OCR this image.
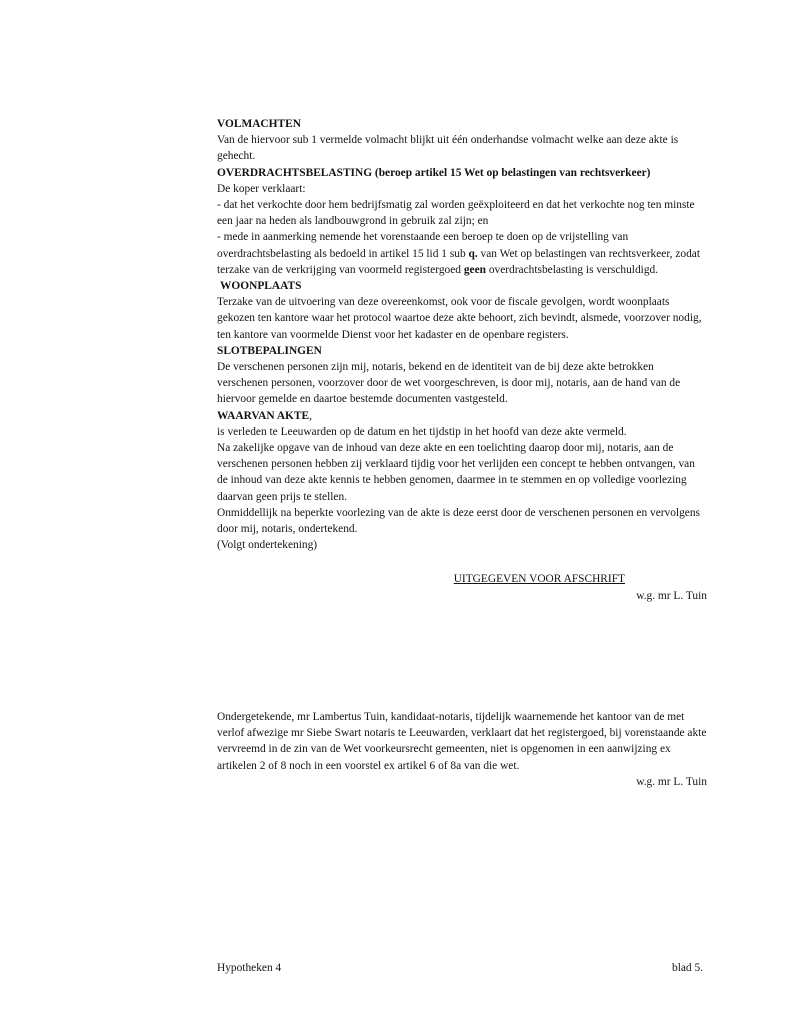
VOLMACHTEN

Van de hiervoor sub 1 vermelde volmacht blijkt uit één onderhandse volmacht welke aan deze akte is gehecht.

OVERDRACHTSBELASTING (beroep artikel 15 Wet op belastingen van rechtsverkeer)

De koper verklaart:

- dat het verkochte door hem bedrijfsmatig zal worden geëxploiteerd en dat het verkochte nog ten minste een jaar na heden als landbouwgrond in gebruik zal zijn; en

- mede in aanmerking nemende het vorenstaande een beroep te doen op de vrijstelling van overdrachtsbelasting als bedoeld in artikel 15 lid 1 sub q. van Wet op belastingen van rechtsverkeer, zodat terzake van de verkrijging van voormeld registergoed geen overdrachtsbelasting is verschuldigd.

WOONPLAATS

Terzake van de uitvoering van deze overeenkomst, ook voor de fiscale gevolgen, wordt woonplaats gekozen ten kantore waar het protocol waartoe deze akte behoort, zich bevindt, alsmede, voorzover nodig, ten kantore van voormelde Dienst voor het kadaster en de openbare registers.

SLOTBEPALINGEN

De verschenen personen zijn mij, notaris, bekend en de identiteit van de bij deze akte betrokken verschenen personen, voorzover door de wet voorgeschreven, is door mij, notaris, aan de hand van de hiervoor gemelde en daartoe bestemde documenten vastgesteld.

WAARVAN AKTE,

is verleden te Leeuwarden op de datum en het tijdstip in het hoofd van deze akte vermeld.

Na zakelijke opgave van de inhoud van deze akte en een toelichting daarop door mij, notaris, aan de verschenen personen hebben zij verklaard tijdig voor het verlijden een concept te hebben ontvangen, van de inhoud van deze akte kennis te hebben genomen, daarmee in te stemmen en op volledige voorlezing daarvan geen prijs te stellen.

Onmiddellijk na beperkte voorlezing van de akte is deze eerst door de verschenen personen en vervolgens door mij, notaris, ondertekend.

(Volgt ondertekening)

UITGEGEVEN VOOR AFSCHRIFT

w.g. mr L. Tuin

Ondergetekende, mr Lambertus Tuin, kandidaat-notaris, tijdelijk waarnemende het kantoor van de met verlof afwezige mr Siebe Swart notaris te Leeuwarden, verklaart dat het registergoed, bij vorenstaande akte vervreemd in de zin van de Wet voorkeursrecht gemeenten, niet is opgenomen in een aanwijzing ex artikelen 2 of 8 noch in een voorstel ex artikel 6 of 8a van die wet.

w.g. mr L. Tuin

Hypotheken 4	blad 5.
